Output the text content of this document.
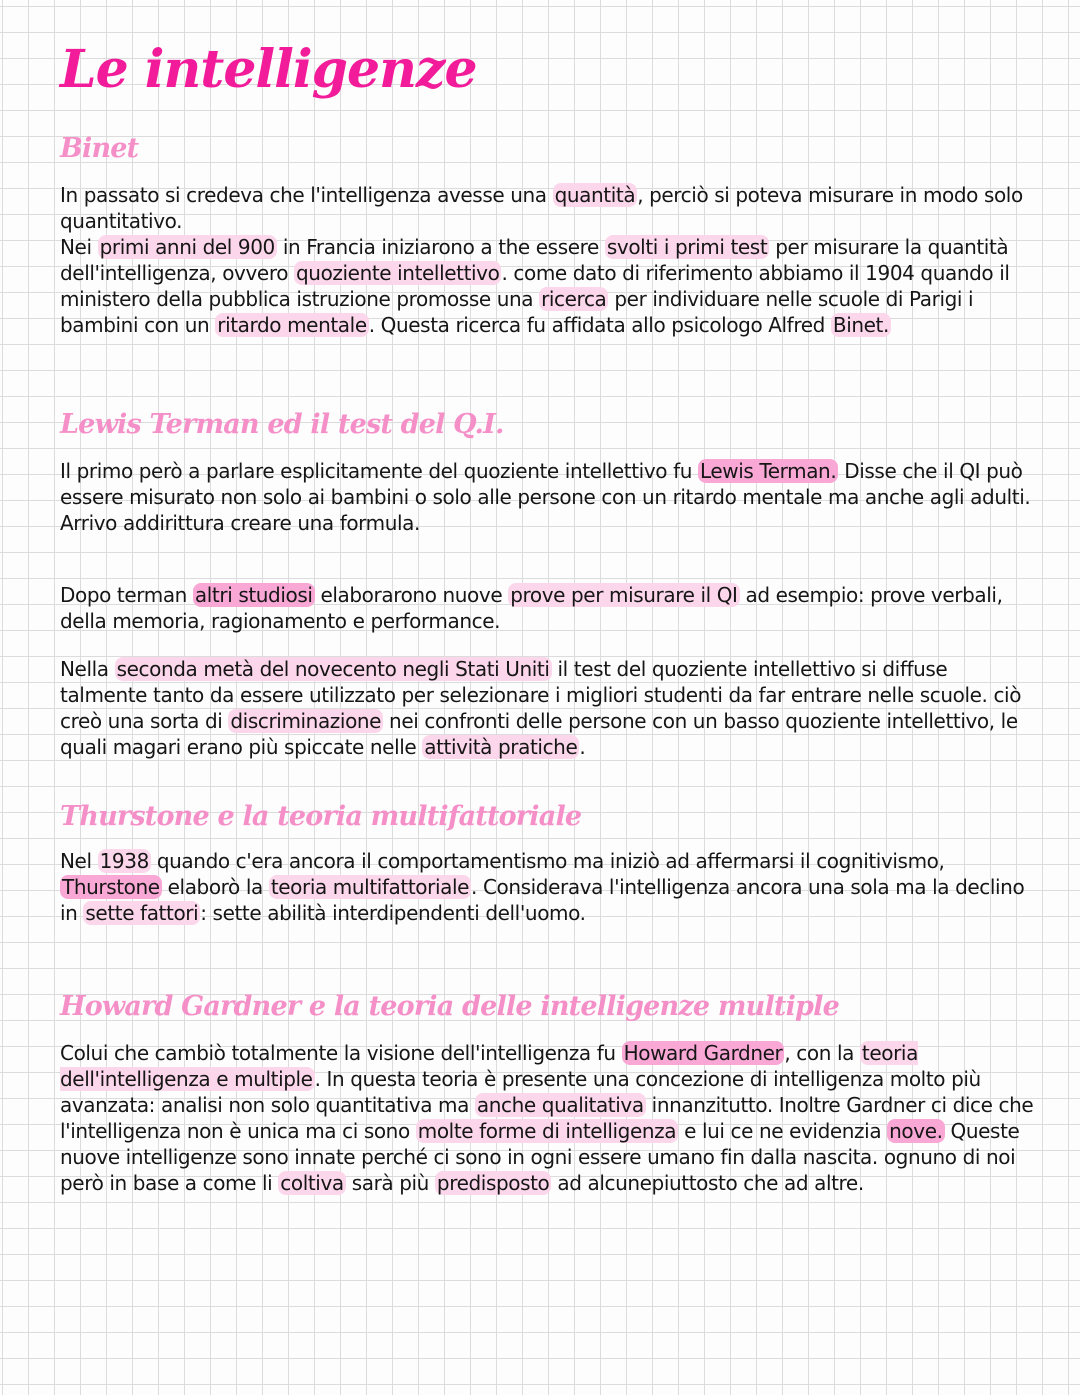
Le intelligenze
Binet

In passato si credeva che l'intelligenza avesse una quantità , perciò si poteva misurare in modo solo quantitativo.
Nei primi anni del 900 in Francia iniziarono a the essere svolti i primi test per misurare la quantità dell'intelligenza, ovvero quoziente intellettivo . come dato di riferimento abbiamo il 1904 quando il ministero della pubblica istruzione promosse una ricerca per individuare nelle scuole di Parigi i bambini con un ritardo mentale . Questa ricerca fu affidata allo psicologo Alfred Binet.

Lewis Terman ed il test del Q.I.

Il primo però a parlare esplicitamente del quoziente intellettivo fu Lewis Terman. Disse che il QI può essere misurato non solo ai bambini o solo alle persone con un ritardo mentale ma anche agli adulti. Arrivo addirittura creare una formula.

Dopo terman altri studiosi elaborarono nuove prove per misurare il QI ad esempio: prove verbali, della memoria, ragionamento e performance.

Nella seconda metà del novecento negli Stati Uniti il test del quoziente intellettivo si diffuse talmente tanto da essere utilizzato per selezionare i migliori studenti da far entrare nelle scuole. ciò creò una sorta di discriminazione nei confronti delle persone con un basso quoziente intellettivo, le quali magari erano più spiccate nelle attività pratiche .

Thurstone e la teoria multifattoriale

Nel 1938 quando c'era ancora il comportamentismo ma iniziò ad affermarsi il cognitivismo, Thurstone elaborò la teoria multifattoriale . Considerava l'intelligenza ancora una sola ma la declino in sette fattori : sette abilità interdipendenti dell'uomo.

Howard Gardner e la teoria delle intelligenze multiple

Colui che cambiò totalmente la visione dell'intelligenza fu Howard Gardner , con la teoria dell'intelligenza e multiple . In questa teoria è presente una concezione di intelligenza molto più avanzata: analisi non solo quantitativa ma anche qualitativa innanzitutto. Inoltre Gardner ci dice che l'intelligenza non è unica ma ci sono molte forme di intelligenza e lui ce ne evidenzia nove. Queste nuove intelligenze sono innate perché ci sono in ogni essere umano fin dalla nascita. ognuno di noi però in base a come li coltiva sarà più predisposto ad alcunepiuttosto che ad altre.
